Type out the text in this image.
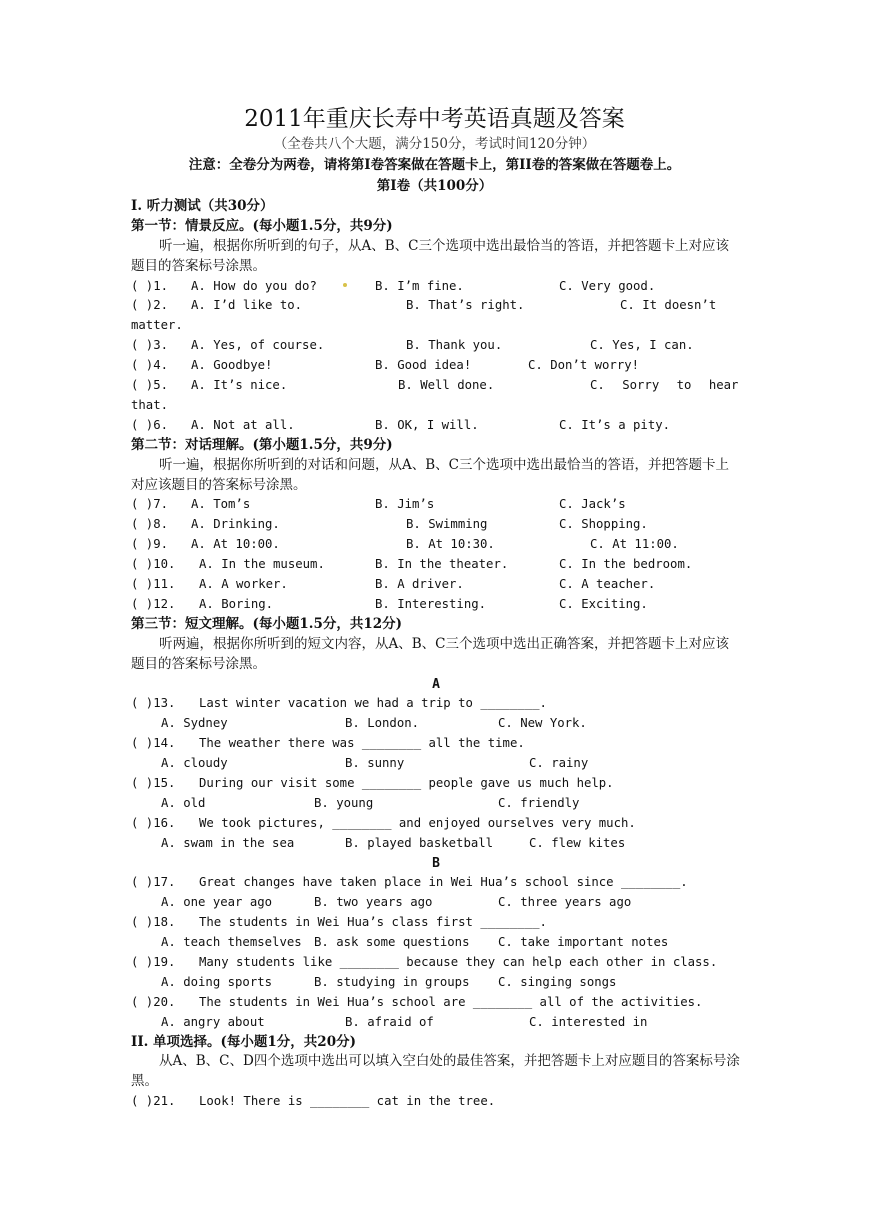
2011年重庆长寿中考英语真题及答案
（全卷共八个大题，满分150分，考试时间120分钟）
注意：全卷分为两卷，请将第I卷答案做在答题卡上，第II卷的答案做在答题卷上。
第I卷（共100分）
I. 听力测试（共30分）
第一节：情景反应。(每小题1.5分，共9分)
听一遍，根据你所听到的句子，从A、B、C三个选项中选出最恰当的答语，并把答题卡上对应该题目的答案标号涂黑。
( )1. A. How do you do?	B. I’m fine.	C. Very good.
( )2. A. I’d like to.	B. That’s right.	C. It doesn’t
matter.
( )3. A. Yes, of course.	B. Thank you.	C. Yes, I can.
( )4. A. Goodbye!	B. Good idea!	C. Don’t worry!
( )5. A. It’s nice.	B. Well done.	C. Sorry to hear
that.
( )6. A. Not at all.	B. OK, I will.	C. It’s a pity.
第二节：对话理解。(第小题1.5分，共9分)
听一遍，根据你所听到的对话和问题，从A、B、C三个选项中选出最恰当的答语，并把答题卡上对应该题目的答案标号涂黑。
( )7. A. Tom’s	B. Jim’s	C. Jack’s
( )8. A. Drinking.	B. Swimming	C. Shopping.
( )9. A. At 10:00.	B. At 10:30.	C. At 11:00.
( )10. A. In the museum.	B. In the theater.	C. In the bedroom.
( )11. A. A worker.	B. A driver.	C. A teacher.
( )12. A. Boring.	B. Interesting.	C. Exciting.
第三节：短文理解。(每小题1.5分，共12分)
听两遍，根据你所听到的短文内容，从A、B、C三个选项中选出正确答案，并把答题卡上对应该题目的答案标号涂黑。
A
( )13. Last winter vacation we had a trip to ________.
A. Sydney	B. London.	C. New York.
( )14. The weather there was ________ all the time.
A. cloudy	B. sunny	C. rainy
( )15. During our visit some ________ people gave us much help.
A. old	B. young	C. friendly
( )16. We took pictures, ________ and enjoyed ourselves very much.
A. swam in the sea	B. played basketball	C. flew kites
B
( )17. Great changes have taken place in Wei Hua’s school since ________.
A. one year ago	B. two years ago	C. three years ago
( )18. The students in Wei Hua’s class first ________.
A. teach themselves B. ask some questions C. take important notes
( )19. Many students like ________ because they can help each other in class.
A. doing sports	B. studying in groups C. singing songs
( )20. The students in Wei Hua’s school are ________ all of the activities.
A. angry about	B. afraid of	C. interested in
II. 单项选择。(每小题1分，共20分)
从A、B、C、D四个选项中选出可以填入空白处的最佳答案，并把答题卡上对应题目的答案标号涂黑。
( )21. Look! There is ________ cat in the tree.
